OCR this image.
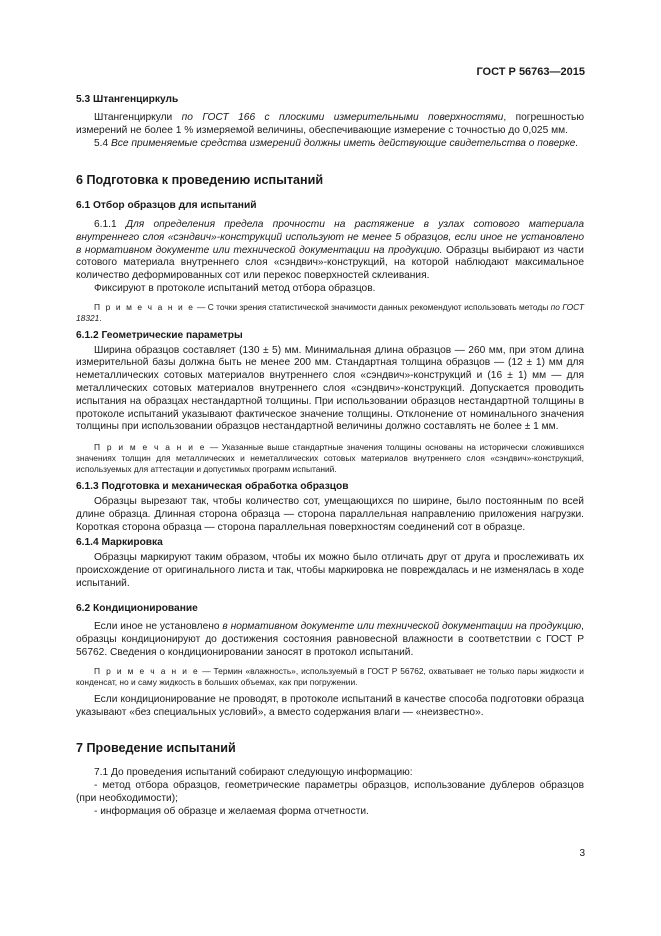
ГОСТ Р 56763—2015

5.3 Штангенциркуль

Штангенциркули по ГОСТ 166 с плоскими измерительными поверхностями, погрешностью измерений не более 1 % измеряемой величины, обеспечивающие измерение с точностью до 0,025 мм.

5.4 Все применяемые средства измерений должны иметь действующие свидетельства о поверке.

6 Подготовка к проведению испытаний

6.1 Отбор образцов для испытаний

6.1.1 Для определения предела прочности на растяжение в узлах сотового материала внутреннего слоя «сэндвич»-конструкций используют не менее 5 образцов, если иное не установлено в нормативном документе или технической документации на продукцию. Образцы выбирают из части сотового материала внутреннего слоя «сэндвич»-конструкций, на которой наблюдают максимальное количество деформированных сот или перекос поверхностей склеивания.

Фиксируют в протоколе испытаний метод отбора образцов.

П р и м е ч а н и е — С точки зрения статистической значимости данных рекомендуют использовать методы по ГОСТ 18321.

6.1.2 Геометрические параметры

Ширина образцов составляет (130 ± 5) мм. Минимальная длина образцов — 260 мм, при этом длина измерительной базы должна быть не менее 200 мм. Стандартная толщина образцов — (12 ± 1) мм для неметаллических сотовых материалов внутреннего слоя «сэндвич»-конструкций и (16 ± 1) мм — для металлических сотовых материалов внутреннего слоя «сэндвич»-конструкций. Допускается проводить испытания на образцах нестандартной толщины. При использовании образцов нестандартной толщины в протоколе испытаний указывают фактическое значение толщины. Отклонение от номинального значения толщины при использовании образцов нестандартной величины должно составлять не более ± 1 мм.

П р и м е ч а н и е — Указанные выше стандартные значения толщины основаны на исторически сложившихся значениях толщин для металлических и неметаллических сотовых материалов внутреннего слоя «сэндвич»-конструкций, используемых для аттестации и допустимых программ испытаний.

6.1.3 Подготовка и механическая обработка образцов

Образцы вырезают так, чтобы количество сот, умещающихся по ширине, было постоянным по всей длине образца. Длинная сторона образца — сторона параллельная направлению приложения нагрузки. Короткая сторона образца — сторона параллельная поверхностям соединений сот в образце.

6.1.4 Маркировка

Образцы маркируют таким образом, чтобы их можно было отличать друг от друга и прослеживать их происхождение от оригинального листа и так, чтобы маркировка не повреждалась и не изменялась в ходе испытаний.

6.2 Кондиционирование

Если иное не установлено в нормативном документе или технической документации на продукцию, образцы кондиционируют до достижения состояния равновесной влажности в соответствии с ГОСТ Р 56762. Сведения о кондиционировании заносят в протокол испытаний.

П р и м е ч а н и е — Термин «влажность», используемый в ГОСТ Р 56762, охватывает не только пары жидкости и конденсат, но и саму жидкость в больших объемах, как при погружении.

Если кондиционирование не проводят, в протоколе испытаний в качестве способа подготовки образца указывают «без специальных условий», а вместо содержания влаги — «неизвестно».

7 Проведение испытаний

7.1 До проведения испытаний собирают следующую информацию:

- метод отбора образцов, геометрические параметры образцов, использование дублеров образцов (при необходимости);

- информация об образце и желаемая форма отчетности.

3
